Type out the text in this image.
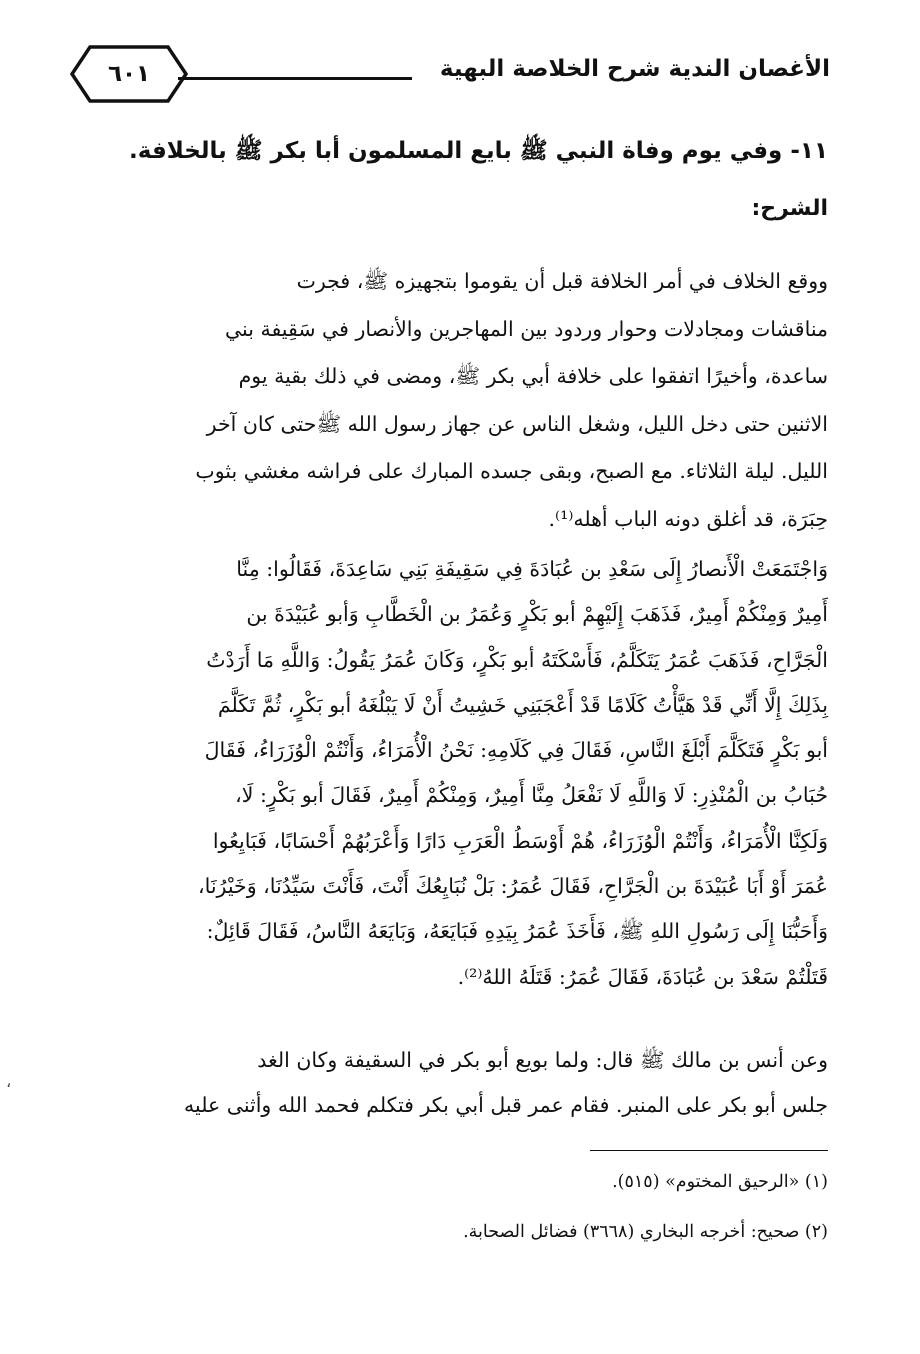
الأغصان الندية شرح الخلاصة البهية
٦٠١
١١- وفي يوم وفاة النبي ﷺ بايع المسلمون أبا بكر ﷺ بالخلافة.
الشرح:
ووقع الخلاف في أمر الخلافة قبل أن يقوموا بتجهيزه ﷺ، فجرت
مناقشات ومجادلات وحوار وردود بين المهاجرين والأنصار في سَقِيفة بني
ساعدة، وأخيرًا اتفقوا على خلافة أبي بكر ﷺ، ومضى في ذلك بقية يوم
الاثنين حتى دخل الليل، وشغل الناس عن جهاز رسول الله ﷺحتى كان آخر
الليل. ليلة الثلاثاء. مع الصبح، وبقى جسده المبارك على فراشه مغشي بثوب
حِبَرَة، قد أغلق دونه الباب أهله⁽¹⁾.
وَاجْتَمَعَتْ الْأَنصارُ إِلَى سَعْدِ بن عُبَادَةَ فِي سَقِيفَةِ بَنِي سَاعِدَةَ، فَقَالُوا: مِنَّا
أَمِيرٌ وَمِنْكُمْ أَمِيرٌ، فَذَهَبَ إِلَيْهِمْ أبو بَكْرٍ وَعُمَرُ بن الْخَطَّابِ وَأبو عُبَيْدَةَ بن
الْجَرَّاحِ، فَذَهَبَ عُمَرُ يَتَكَلَّمُ، فَأَسْكَتَهُ أبو بَكْرٍ، وَكَانَ عُمَرُ يَقُولُ: وَاللَّهِ مَا أَرَدْتُ
بِذَلِكَ إِلَّا أَنِّي قَدْ هَيَّأْتُ كَلَامًا قَدْ أَعْجَبَنِي خَشِيتُ أَنْ لَا يَبْلُغَهُ أبو بَكْرٍ، ثُمَّ تَكَلَّمَ
أبو بَكْرٍ فَتَكَلَّمَ أَبْلَغَ النَّاسِ، فَقَالَ فِي كَلَامِهِ: نَحْنُ الْأُمَرَاءُ، وَأَنْتُمْ الْوُزَرَاءُ، فَقَالَ
حُبَابُ بن الْمُنْذِرِ: لَا وَاللَّهِ لَا نَفْعَلُ مِنَّا أَمِيرٌ، وَمِنْكُمْ أَمِيرٌ، فَقَالَ أبو بَكْرٍ: لَا،
وَلَكِنَّا الْأُمَرَاءُ، وَأَنْتُمْ الْوُزَرَاءُ، هُمْ أَوْسَطُ الْعَرَبِ دَارًا وَأَعْرَبُهُمْ أَحْسَابًا، فَبَايِعُوا
عُمَرَ أَوْ أَبَا عُبَيْدَةَ بن الْجَرَّاحِ، فَقَالَ عُمَرُ: بَلْ نُبَايِعُكَ أَنْتَ، فَأَنْتَ سَيِّدُنَا، وَخَيْرُنَا،
وَأَحَبُّنَا إِلَى رَسُولِ اللهِ ﷺ، فَأَخَذَ عُمَرُ بِيَدِهِ فَبَايَعَهُ، وَبَايَعَهُ النَّاسُ، فَقَالَ قَائِلٌ:
قَتَلْتُمْ سَعْدَ بن عُبَادَةَ، فَقَالَ عُمَرُ: قَتَلَهُ اللهُ⁽²⁾.
وعن أنس بن مالك ﷺ قال: ولما بويع أبو بكر في السقيفة وكان الغد
جلس أبو بكر على المنبر. فقام عمر قبل أبي بكر فتكلم فحمد الله وأثنى عليه
(١) «الرحيق المختوم» (٥١٥).
(٢) صحيح: أخرجه البخاري (٣٦٦٨) فضائل الصحابة.
،
